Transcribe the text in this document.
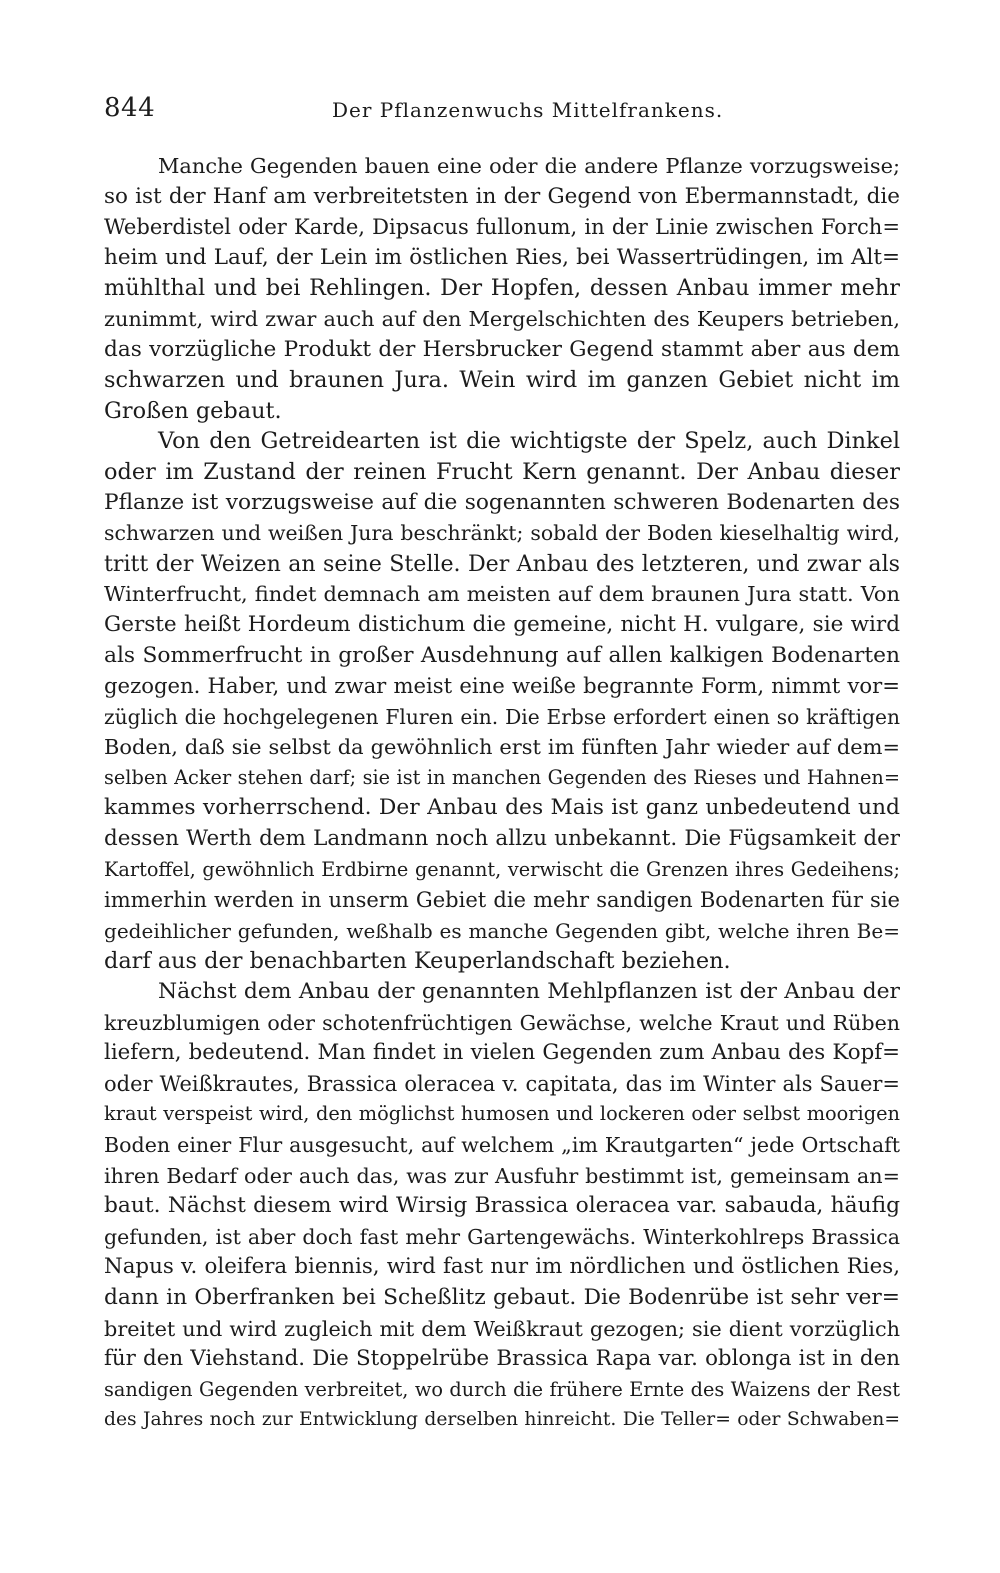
844	Der Pflanzenwuchs Mittelfrankens.
Manche Gegenden bauen eine oder die andere Pflanze vorzugsweise;
so ist der Hanf am verbreitetsten in der Gegend von Ebermannstadt, die
Weberdistel oder Karde, Dipsacus fullonum, in der Linie zwischen Forch=
heim und Lauf, der Lein im östlichen Ries, bei Wassertrüdingen, im Alt=
mühlthal und bei Rehlingen. Der Hopfen, dessen Anbau immer mehr
zunimmt, wird zwar auch auf den Mergelschichten des Keupers betrieben,
das vorzügliche Produkt der Hersbrucker Gegend stammt aber aus dem
schwarzen und braunen Jura. Wein wird im ganzen Gebiet nicht im
Großen gebaut.
Von den Getreidearten ist die wichtigste der Spelz, auch Dinkel
oder im Zustand der reinen Frucht Kern genannt. Der Anbau dieser
Pflanze ist vorzugsweise auf die sogenannten schweren Bodenarten des
schwarzen und weißen Jura beschränkt; sobald der Boden kieselhaltig wird,
tritt der Weizen an seine Stelle. Der Anbau des letzteren, und zwar als
Winterfrucht, findet demnach am meisten auf dem braunen Jura statt. Von
Gerste heißt Hordeum distichum die gemeine, nicht H. vulgare, sie wird
als Sommerfrucht in großer Ausdehnung auf allen kalkigen Bodenarten
gezogen. Haber, und zwar meist eine weiße begrannte Form, nimmt vor=
züglich die hochgelegenen Fluren ein. Die Erbse erfordert einen so kräftigen
Boden, daß sie selbst da gewöhnlich erst im fünften Jahr wieder auf dem=
selben Acker stehen darf; sie ist in manchen Gegenden des Rieses und Hahnen=
kammes vorherrschend. Der Anbau des Mais ist ganz unbedeutend und
dessen Werth dem Landmann noch allzu unbekannt. Die Fügsamkeit der
Kartoffel, gewöhnlich Erdbirne genannt, verwischt die Grenzen ihres Gedeihens;
immerhin werden in unserm Gebiet die mehr sandigen Bodenarten für sie
gedeihlicher gefunden, weßhalb es manche Gegenden gibt, welche ihren Be=
darf aus der benachbarten Keuperlandschaft beziehen.
Nächst dem Anbau der genannten Mehlpflanzen ist der Anbau der
kreuzblumigen oder schotenfrüchtigen Gewächse, welche Kraut und Rüben
liefern, bedeutend. Man findet in vielen Gegenden zum Anbau des Kopf=
oder Weißkrautes, Brassica oleracea v. capitata, das im Winter als Sauer=
kraut verspeist wird, den möglichst humosen und lockeren oder selbst moorigen
Boden einer Flur ausgesucht, auf welchem „im Krautgarten“ jede Ortschaft
ihren Bedarf oder auch das, was zur Ausfuhr bestimmt ist, gemeinsam an=
baut. Nächst diesem wird Wirsig Brassica oleracea var. sabauda, häufig
gefunden, ist aber doch fast mehr Gartengewächs. Winterkohlreps Brassica
Napus v. oleifera biennis, wird fast nur im nördlichen und östlichen Ries,
dann in Oberfranken bei Scheßlitz gebaut. Die Bodenrübe ist sehr ver=
breitet und wird zugleich mit dem Weißkraut gezogen; sie dient vorzüglich
für den Viehstand. Die Stoppelrübe Brassica Rapa var. oblonga ist in den
sandigen Gegenden verbreitet, wo durch die frühere Ernte des Waizens der Rest
des Jahres noch zur Entwicklung derselben hinreicht. Die Teller= oder Schwaben=
